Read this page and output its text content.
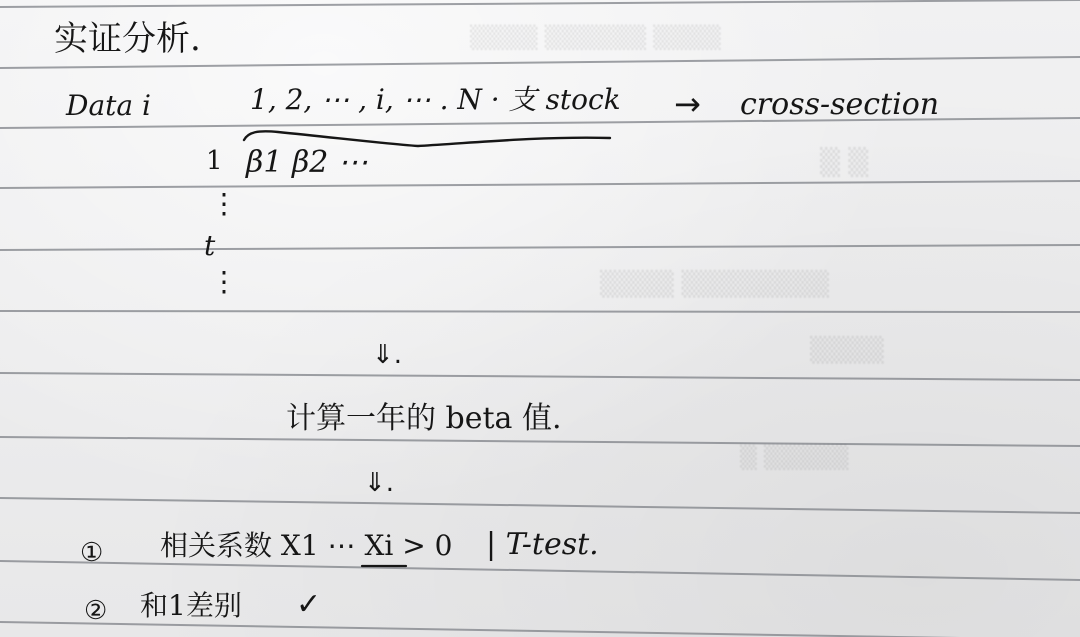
▒▒▒▒ ▒▒▒▒▒▒ ▒▒▒▒
▒ ▒
▒▒▒▒ ▒▒▒▒▒▒▒▒
▒▒▒▒
▒ ▒▒▒▒▒
实证分析.
Data i	1, 2, ⋯ , i, ⋯ . N · 支 stock → cross-section
β1 β2 ⋯
1
⋮
t
⋮
⇓.
计算一年的 beta 值.
⇓.
① 相关系数 X1 ⋯ Xi > 0 | T-test.
② 和1差别 ✓
